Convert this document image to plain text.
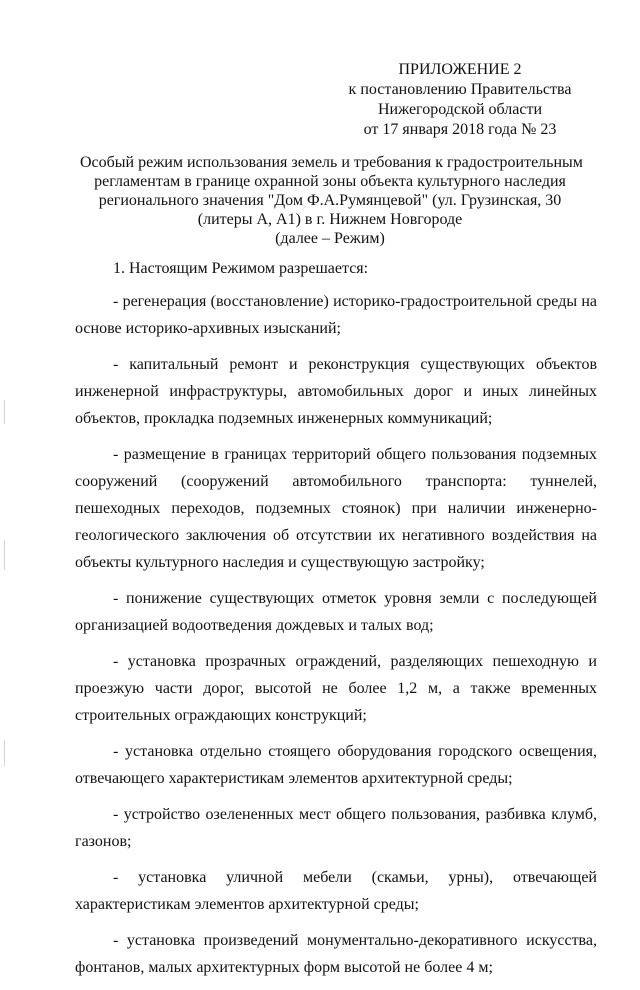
ПРИЛОЖЕНИЕ 2
к постановлению Правительства
Нижегородской области
от 17 января 2018 года № 23
Особый режим использования земель и требования к градостроительным
регламентам в границе охранной зоны объекта культурного наследия
регионального значения "Дом Ф.А.Румянцевой" (ул. Грузинская, 30
(литеры А, А1) в г. Нижнем Новгороде
(далее – Режим)

1. Настоящим Режимом разрешается:

- регенерация (восстановление) историко-градостроительной среды на основе историко-архивных изысканий;

- капитальный ремонт и реконструкция существующих объектов инженерной инфраструктуры, автомобильных дорог и иных линейных объектов, прокладка подземных инженерных коммуникаций;

- размещение в границах территорий общего пользования подземных сооружений (сооружений автомобильного транспорта: туннелей, пешеходных переходов, подземных стоянок) при наличии инженерно-геологического заключения об отсутствии их негативного воздействия на объекты культурного наследия и существующую застройку;

- понижение существующих отметок уровня земли с последующей организацией водоотведения дождевых и талых вод;

- установка прозрачных ограждений, разделяющих пешеходную и проезжую части дорог, высотой не более 1,2 м, а также временных строительных ограждающих конструкций;

- установка отдельно стоящего оборудования городского освещения, отвечающего характеристикам элементов архитектурной среды;

- устройство озелененных мест общего пользования, разбивка клумб, газонов;

- установка уличной мебели (скамьи, урны), отвечающей характеристикам элементов архитектурной среды;

- установка произведений монументально-декоративного искусства, фонтанов, малых архитектурных форм высотой не более 4 м;
